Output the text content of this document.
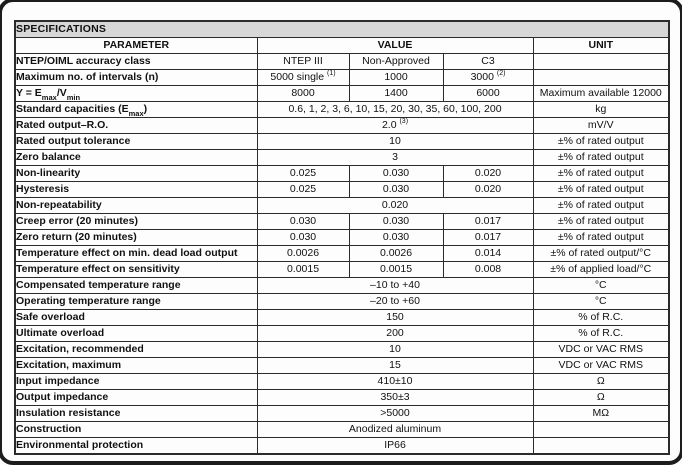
SPECIFICATIONS				
PARAMETER	VALUE			UNIT
NTEP/OIML accuracy class	NTEP III	Non-Approved	C3	
Maximum no. of intervals (n)	5000 single $^{(1)}$	1000	3000 $^{(2)}$	
$Y = E_{max}/V_{min}$	8000	1400	6000	Maximum available 12000
Standard capacities $(E_{max})$	0.6, 1, 2, 3, 6, 10, 15, 20, 30, 35, 60, 100, 200			kg
Rated output–R.O.	2.0 $^{(3)}$			mV/V
Rated output tolerance	10			±% of rated output
Zero balance	3			±% of rated output
Non-linearity	0.025	0.030	0.020	±% of rated output
Hysteresis	0.025	0.030	0.020	±% of rated output
Non-repeatability	0.020			±% of rated output
Creep error (20 minutes)	0.030	0.030	0.017	±% of rated output
Zero return (20 minutes)	0.030	0.030	0.017	±% of rated output
Temperature effect on min. dead load output	0.0026	0.0026	0.014	±% of rated output/°C
Temperature effect on sensitivity	0.0015	0.0015	0.008	±% of applied load/°C
Compensated temperature range	–10 to +40			°C
Operating temperature range	–20 to +60			°C
Safe overload	150			% of R.C.
Ultimate overload	200			% of R.C.
Excitation, recommended	10			VDC or VAC RMS
Excitation, maximum	15			VDC or VAC RMS
Input impedance	410±10			Ω
Output impedance	350±3			Ω
Insulation resistance	>5000			MΩ
Construction	Anodized aluminum			
Environmental protection	IP66			
